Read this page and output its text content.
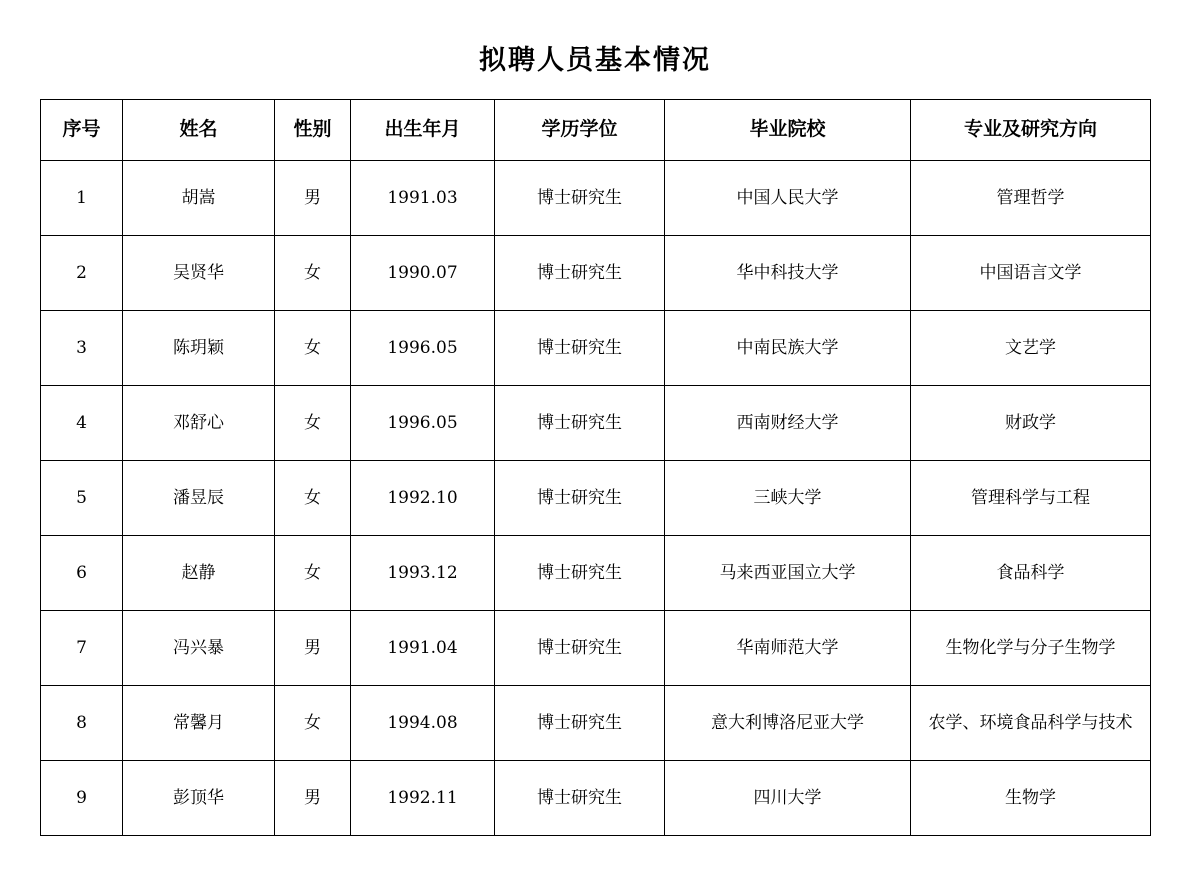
拟聘人员基本情况
序号	姓名	性别	出生年月	学历学位	毕业院校	专业及研究方向
1	胡嵩	男	1991.03	博士研究生	中国人民大学	管理哲学
2	吴贤华	女	1990.07	博士研究生	华中科技大学	中国语言文学
3	陈玥颖	女	1996.05	博士研究生	中南民族大学	文艺学
4	邓舒心	女	1996.05	博士研究生	西南财经大学	财政学
5	潘昱辰	女	1992.10	博士研究生	三峡大学	管理科学与工程
6	赵静	女	1993.12	博士研究生	马来西亚国立大学	食品科学
7	冯兴暴	男	1991.04	博士研究生	华南师范大学	生物化学与分子生物学
8	常馨月	女	1994.08	博士研究生	意大利博洛尼亚大学	农学、环境食品科学与技术
9	彭顶华	男	1992.11	博士研究生	四川大学	生物学
